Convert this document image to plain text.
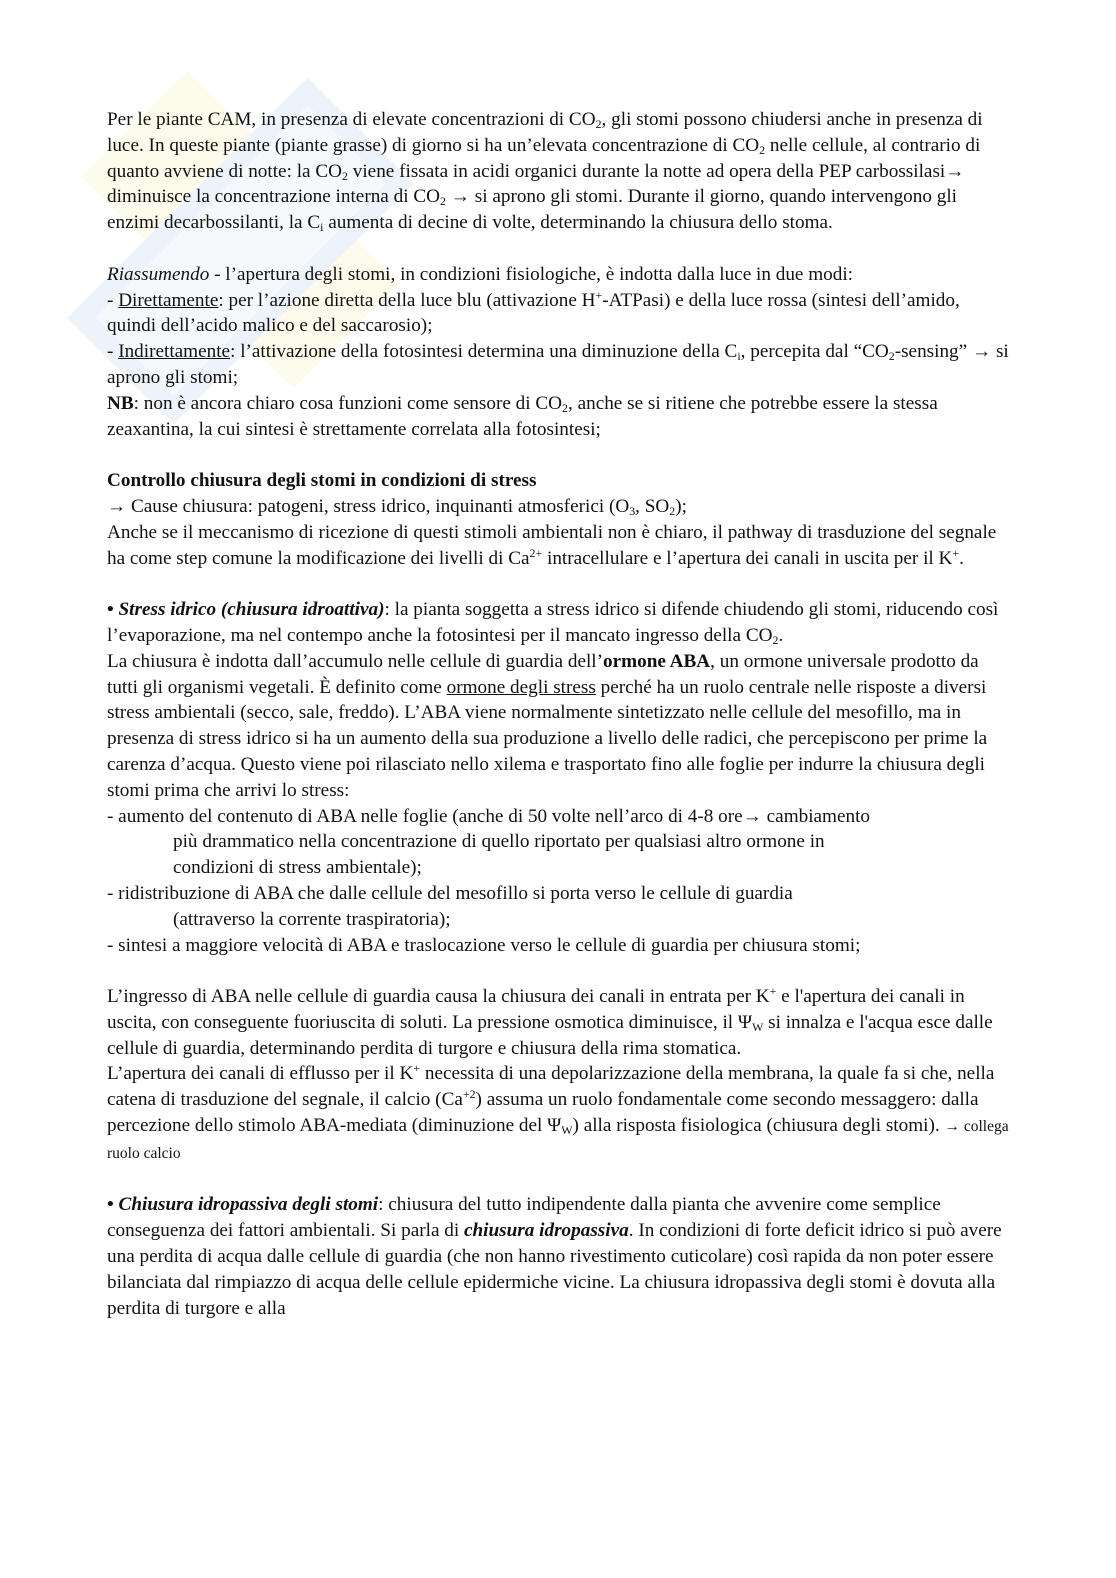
Per le piante CAM, in presenza di elevate concentrazioni di $CO_2$, gli stomi possono chiudersi anche in presenza di luce. In queste piante (piante grasse) di giorno si ha un’elevata concentrazione di $CO_2$ nelle cellule, al contrario di quanto avviene di notte: la $CO_2$ viene fissata in acidi organici durante la notte ad opera della PEP carbossilasi→ diminuisce la concentrazione interna di $CO_2$ → si aprono gli stomi. Durante il giorno, quando intervengono gli enzimi decarbossilanti, la $C_i$ aumenta di decine di volte, determinando la chiusura dello stoma.

Riassumendo - l’apertura degli stomi, in condizioni fisiologiche, è indotta dalla luce in due modi:

- Direttamente: per l’azione diretta della luce blu (attivazione H+-ATPasi) e della luce rossa (sintesi dell’amido, quindi dell’acido malico e del saccarosio);

- Indirettamente: l’attivazione della fotosintesi determina una diminuzione della $C_i$, percepita dal “$CO_2$-sensing” → si aprono gli stomi;

NB: non è ancora chiaro cosa funzioni come sensore di $CO_2$, anche se si ritiene che potrebbe essere la stessa zeaxantina, la cui sintesi è strettamente correlata alla fotosintesi;

Controllo chiusura degli stomi in condizioni di stress

→ Cause chiusura: patogeni, stress idrico, inquinanti atmosferici ($O_3$, $SO_2$);

Anche se il meccanismo di ricezione di questi stimoli ambientali non è chiaro, il pathway di trasduzione del segnale ha come step comune la modificazione dei livelli di $Ca^{2+}$ intracellulare e l’apertura dei canali in uscita per il K+.

• Stress idrico (chiusura idroattiva): la pianta soggetta a stress idrico si difende chiudendo gli stomi, riducendo così l’evaporazione, ma nel contempo anche la fotosintesi per il mancato ingresso della $CO_2$.

La chiusura è indotta dall’accumulo nelle cellule di guardia dell’ormone ABA, un ormone universale prodotto da tutti gli organismi vegetali. È definito come ormone degli stress perché ha un ruolo centrale nelle risposte a diversi stress ambientali (secco, sale, freddo). L’ABA viene normalmente sintetizzato nelle cellule del mesofillo, ma in presenza di stress idrico si ha un aumento della sua produzione a livello delle radici, che percepiscono per prime la carenza d’acqua. Questo viene poi rilasciato nello xilema e trasportato fino alle foglie per indurre la chiusura degli stomi prima che arrivi lo stress:

- aumento del contenuto di ABA nelle foglie (anche di 50 volte nell’arco di 4-8 ore→ cambiamento

più drammatico nella concentrazione di quello riportato per qualsiasi altro ormone in

condizioni di stress ambientale);

- ridistribuzione di ABA che dalle cellule del mesofillo si porta verso le cellule di guardia

(attraverso la corrente traspiratoria);

- sintesi a maggiore velocità di ABA e traslocazione verso le cellule di guardia per chiusura stomi;

L’ingresso di ABA nelle cellule di guardia causa la chiusura dei canali in entrata per K+ e l'apertura dei canali in uscita, con conseguente fuoriuscita di soluti. La pressione osmotica diminuisce, il $\Psi_W$ si innalza e l'acqua esce dalle cellule di guardia, determinando perdita di turgore e chiusura della rima stomatica.

L’apertura dei canali di efflusso per il K+ necessita di una depolarizzazione della membrana, la quale fa si che, nella catena di trasduzione del segnale, il calcio $(Ca^{+2})$ assuma un ruolo fondamentale come secondo messaggero: dalla percezione dello stimolo ABA-mediata (diminuzione del $\Psi_W$) alla risposta fisiologica (chiusura degli stomi). → collega ruolo calcio

• Chiusura idropassiva degli stomi: chiusura del tutto indipendente dalla pianta che avvenire come semplice conseguenza dei fattori ambientali. Si parla di chiusura idropassiva. In condizioni di forte deficit idrico si può avere una perdita di acqua dalle cellule di guardia (che non hanno rivestimento cuticolare) così rapida da non poter essere bilanciata dal rimpiazzo di acqua delle cellule epidermiche vicine. La chiusura idropassiva degli stomi è dovuta alla perdita di turgore e alla
